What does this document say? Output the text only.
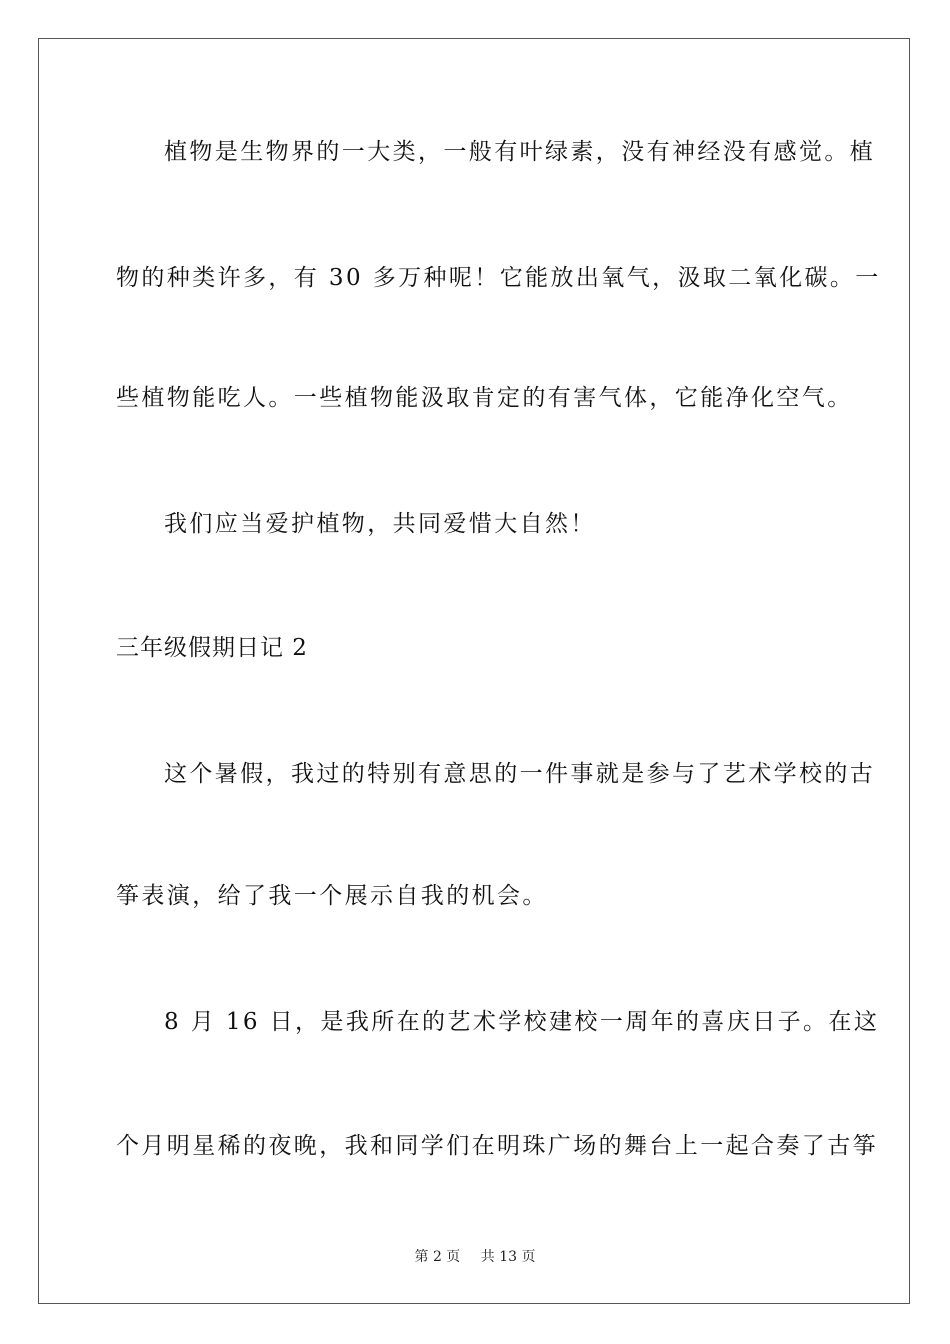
植物是生物界的一大类，一般有叶绿素，没有神经没有感觉。植
物的种类许多，有 30 多万种呢！它能放出氧气，汲取二氧化碳。一
些植物能吃人。一些植物能汲取肯定的有害气体，它能净化空气。
我们应当爱护植物，共同爱惜大自然！
三年级假期日记 2
这个暑假，我过的特别有意思的一件事就是参与了艺术学校的古
筝表演，给了我一个展示自我的机会。
8 月 16 日，是我所在的艺术学校建校一周年的喜庆日子。在这
个月明星稀的夜晚，我和同学们在明珠广场的舞台上一起合奏了古筝
第 2 页 共 13 页
